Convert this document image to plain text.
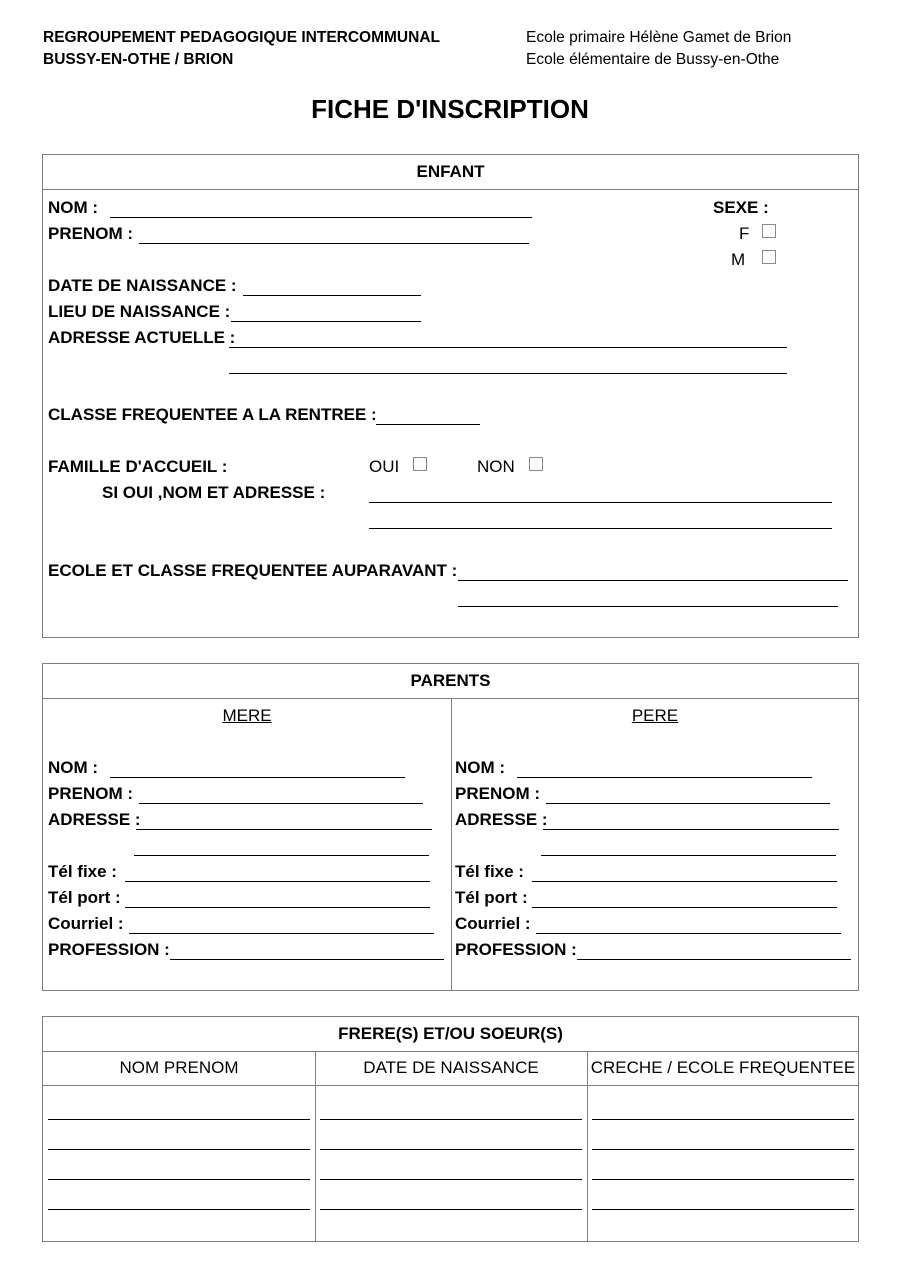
REGROUPEMENT PEDAGOGIQUE INTERCOMMUNAL
BUSSY-EN-OTHE / BRION
Ecole primaire Hélène Gamet de Brion
Ecole élémentaire de Bussy-en-Othe
FICHE D'INSCRIPTION
ENFANT
NOM :
PRENOM :
SEXE :
F
M
DATE DE NAISSANCE :
LIEU DE NAISSANCE :
ADRESSE ACTUELLE :
CLASSE FREQUENTEE A LA RENTREE :
FAMILLE D'ACCUEIL :	OUI	NON
SI OUI ,NOM ET ADRESSE :
ECOLE ET CLASSE FREQUENTEE AUPARAVANT :
PARENTS
MERE
NOM :
PRENOM :
ADRESSE :
Tél fixe :
Tél port :
Courriel :
PROFESSION :
PERE
NOM :
PRENOM :
ADRESSE :
Tél fixe :
Tél port :
Courriel :
PROFESSION :
FRERE(S) ET/OU SOEUR(S)
NOM PRENOM	DATE DE NAISSANCE	CRECHE / ECOLE FREQUENTEE
